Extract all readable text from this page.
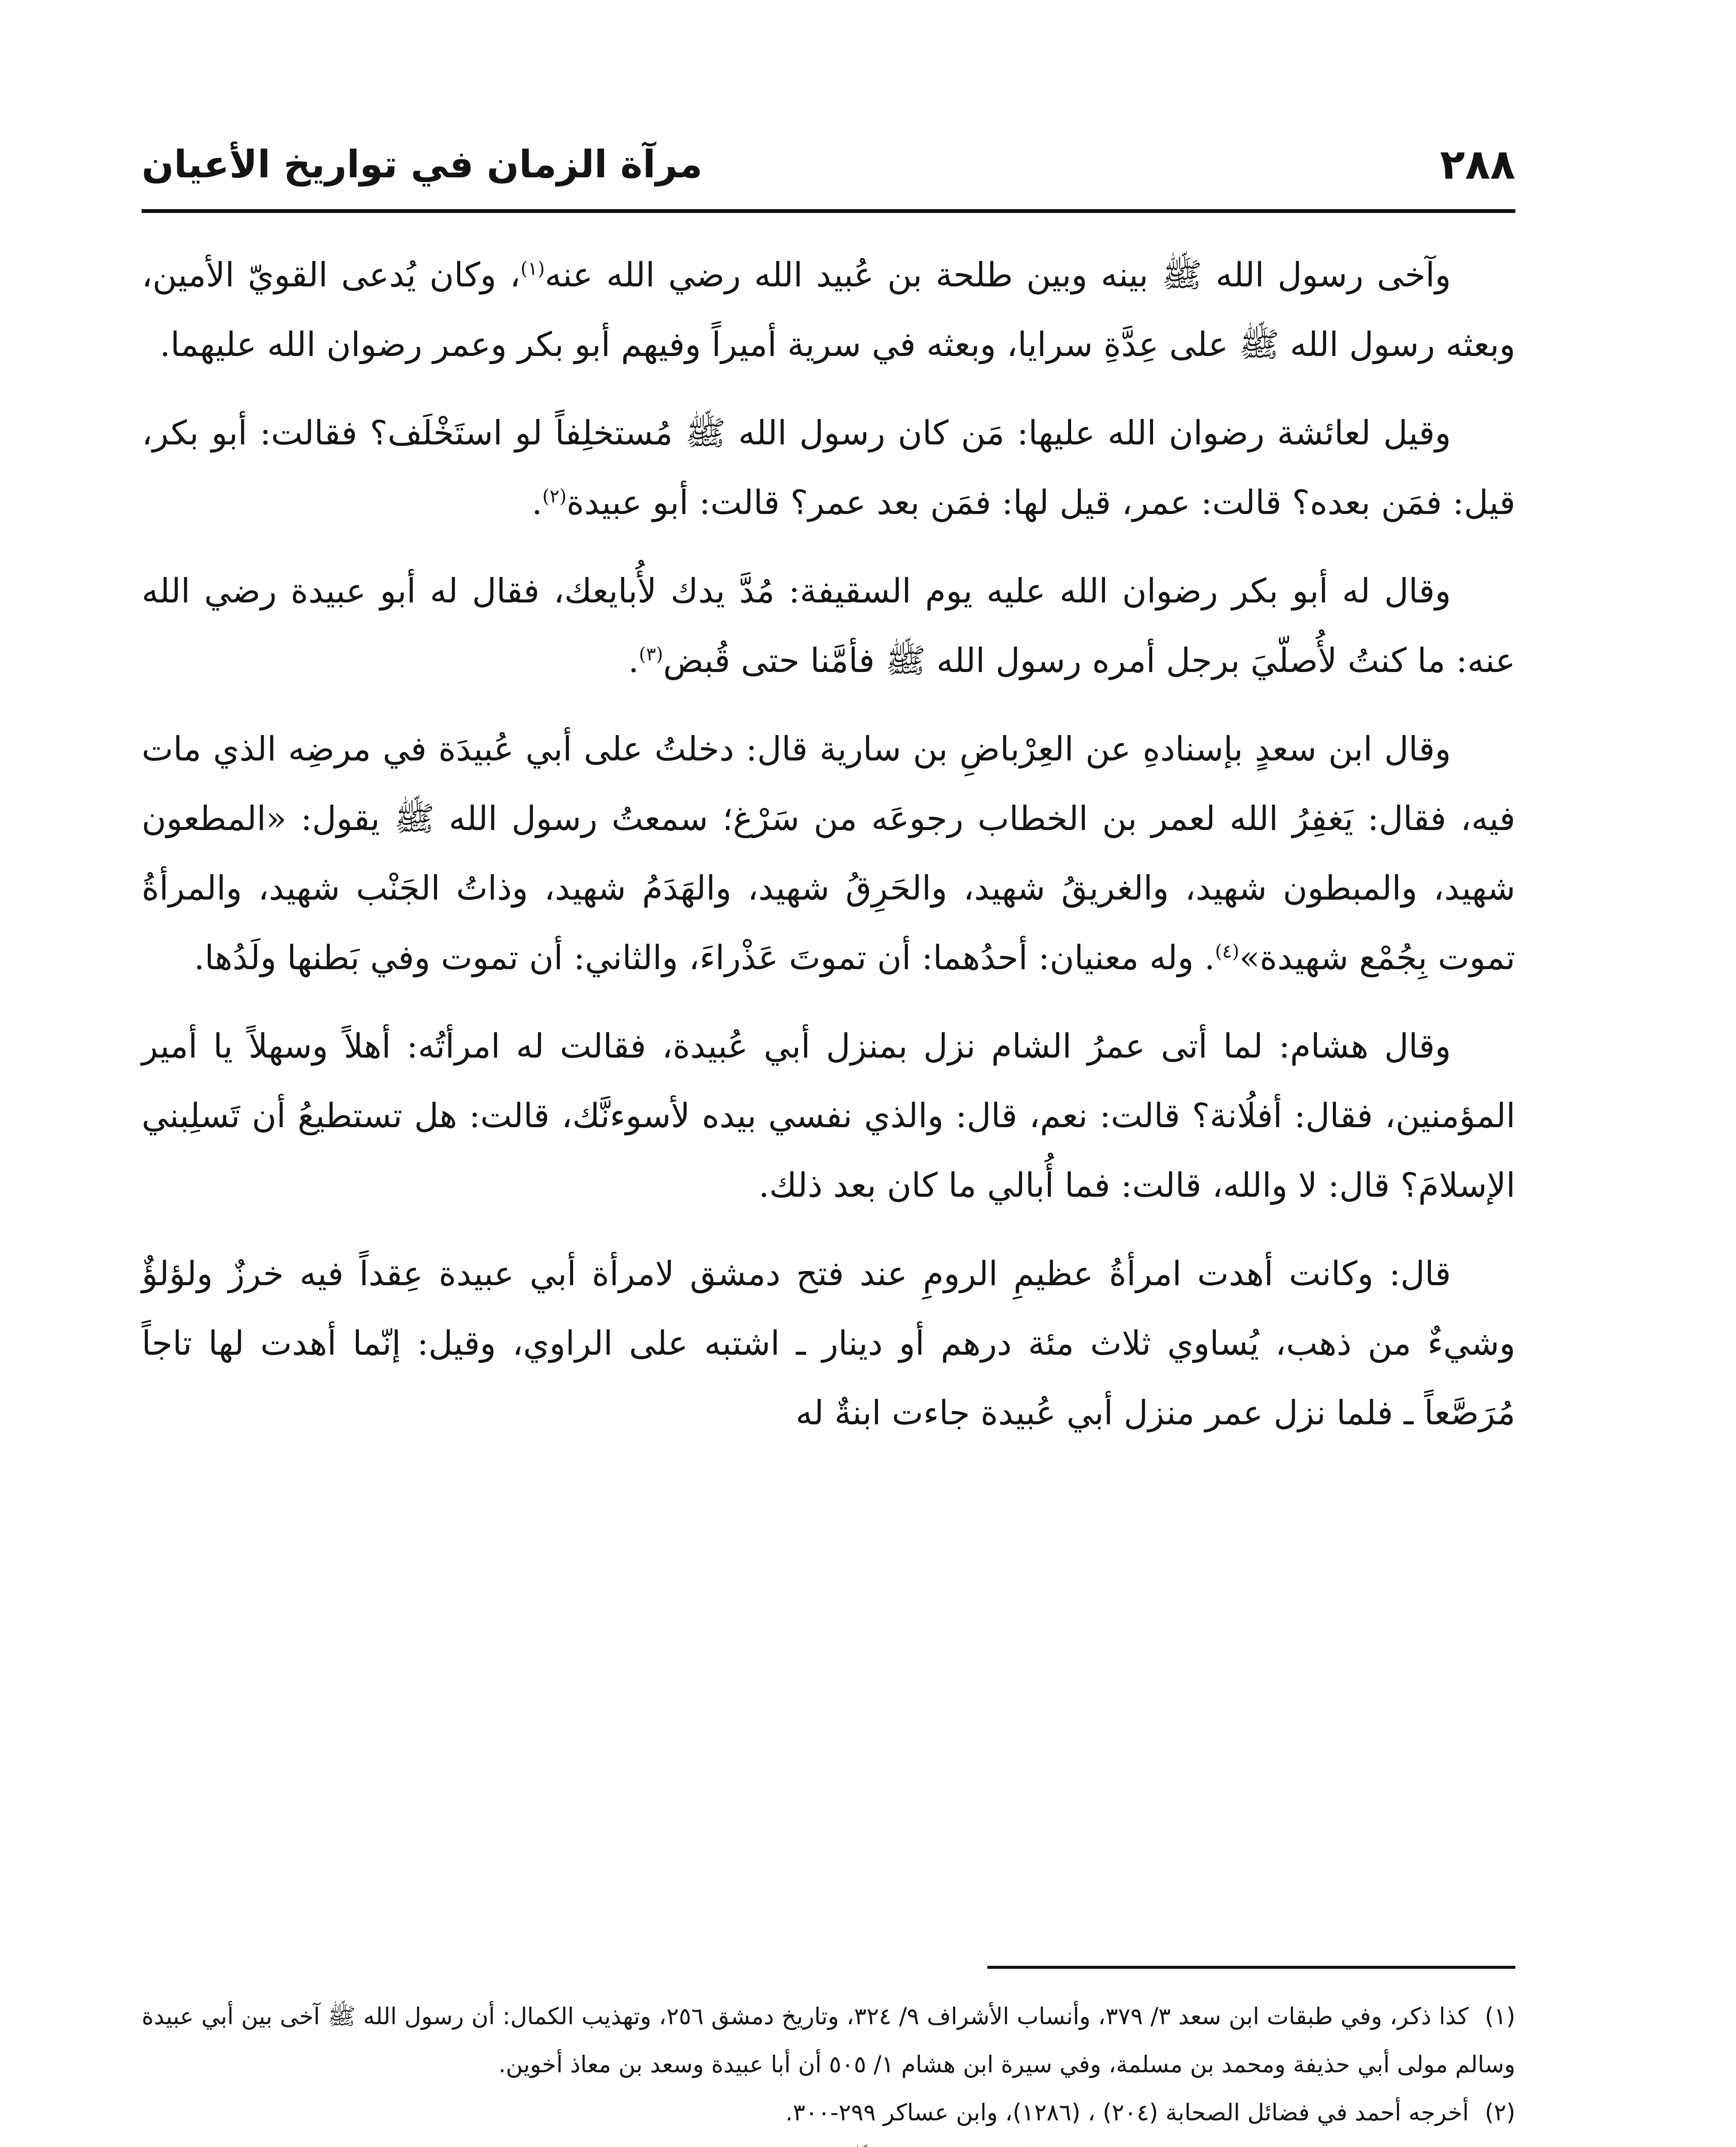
٢٨٨
مرآة الزمان في تواريخ الأعيان

وآخى رسول الله ﷺ بينه وبين طلحة بن عُبيد الله رضي الله عنه$^{(١)}$، وكان يُدعى القويّ الأمين، وبعثه رسول الله ﷺ على عِدَّةِ سرايا، وبعثه في سرية أميراً وفيهم أبو بكر وعمر رضوان الله عليهما.

وقيل لعائشة رضوان الله عليها: مَن كان رسول الله ﷺ مُستخلِفاً لو استَخْلَف؟ فقالت: أبو بكر، قيل: فمَن بعده؟ قالت: عمر، قيل لها: فمَن بعد عمر؟ قالت: أبو عبيدة$^{(٢)}$.

وقال له أبو بكر رضوان الله عليه يوم السقيفة: مُدَّ يدك لأُبايعك، فقال له أبو عبيدة رضي الله عنه: ما كنتُ لأُصلّيَ برجل أمره رسول الله ﷺ فأمَّنا حتى قُبض$^{(٣)}$.

وقال ابن سعدٍ بإسنادهِ عن العِرْباضِ بن سارية قال: دخلتُ على أبي عُبيدَة في مرضِه الذي مات فيه، فقال: يَغفِرُ الله لعمر بن الخطاب رجوعَه من سَرْغ؛ سمعتُ رسول الله ﷺ يقول: «المطعون شهيد، والمبطون شهيد، والغريقُ شهيد، والحَرِقُ شهيد، والهَدَمُ شهيد، وذاتُ الجَنْب شهيد، والمرأةُ تموت بِجُمْع شهيدة»$^{(٤)}$. وله معنيان: أحدُهما: أن تموتَ عَذْراءَ، والثاني: أن تموت وفي بَطنها ولَدُها.

وقال هشام: لما أتى عمرُ الشام نزل بمنزل أبي عُبيدة، فقالت له امرأتُه: أهلاً وسهلاً يا أمير المؤمنين، فقال: أفلُانة؟ قالت: نعم، قال: والذي نفسي بيده لأسوءنَّك، قالت: هل تستطيعُ أن تَسلِبني الإسلامَ؟ قال: لا والله، قالت: فما أُبالي ما كان بعد ذلك.

قال: وكانت أهدت امرأةُ عظيمِ الرومِ عند فتح دمشق لامرأة أبي عبيدة عِقداً فيه خرزٌ ولؤلؤٌ وشيءٌ من ذهب، يُساوي ثلاث مئة درهم أو دينار ـ اشتبه على الراوي، وقيل: إنّما أهدت لها تاجاً مُرَصَّعاً ـ فلما نزل عمر منزل أبي عُبيدة جاءت ابنةٌ له

(١) كذا ذكر، وفي طبقات ابن سعد ٣/ ٣٧٩، وأنساب الأشراف ٩/ ٣٢٤، وتاريخ دمشق ٢٥٦، وتهذيب الكمال: أن رسول الله ﷺ آخى بين أبي عبيدة وسالم مولى أبي حذيفة ومحمد بن مسلمة، وفي سيرة ابن هشام ١/ ٥٠٥ أن أبا عبيدة وسعد بن معاذ أخوين.

(٢) أخرجه أحمد في فضائل الصحابة (٢٠٤) ، (١٢٨٦)، وابن عساكر ٢٩٩-٣٠٠.
